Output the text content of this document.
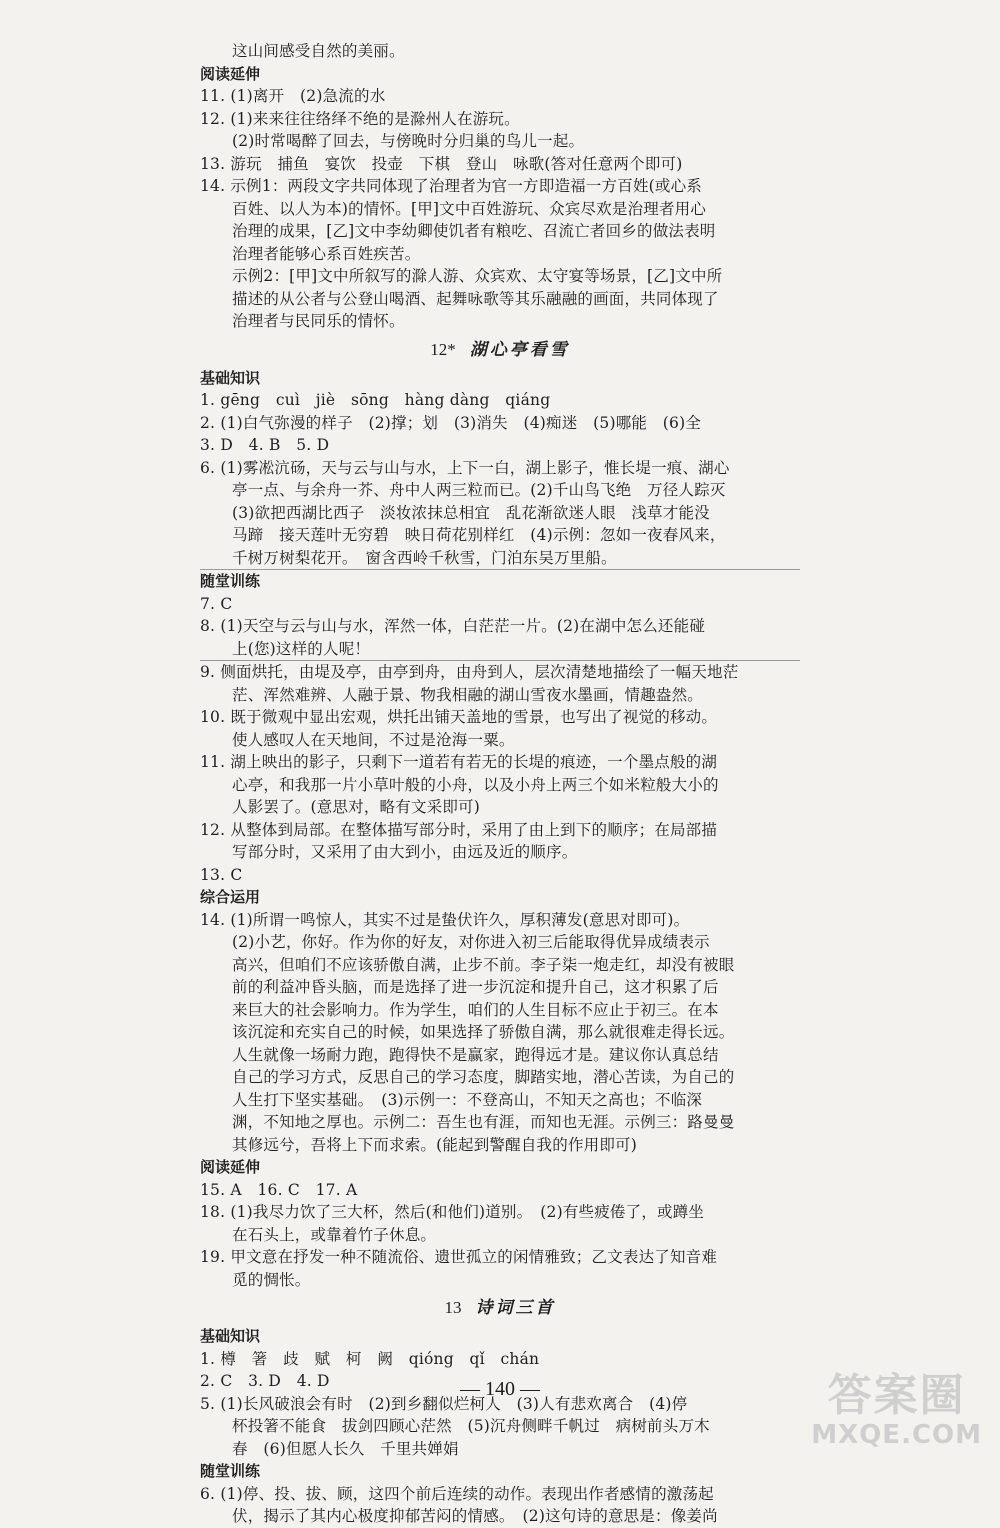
这山间感受自然的美丽。
阅读延伸
11. (1)离开　(2)急流的水
12. (1)来来往往络绎不绝的是滁州人在游玩。
(2)时常喝醉了回去，与傍晚时分归巢的鸟儿一起。
13. 游玩　捕鱼　宴饮　投壶　下棋　登山　咏歌(答对任意两个即可)
14. 示例1：两段文字共同体现了治理者为官一方即造福一方百姓(或心系
百姓、以人为本)的情怀。[甲]文中百姓游玩、众宾尽欢是治理者用心
治理的成果，[乙]文中李幼卿使饥者有粮吃、召流亡者回乡的做法表明
治理者能够心系百姓疾苦。
示例2：[甲]文中所叙写的滁人游、众宾欢、太守宴等场景，[乙]文中所
描述的从公者与公登山喝酒、起舞咏歌等其乐融融的画面，共同体现了
治理者与民同乐的情怀。
12* 湖心亭看雪
基础知识
1. gēng　cuì　jiè　sōng　hàng dàng　qiáng
2. (1)白气弥漫的样子　(2)撑；划　(3)消失　(4)痴迷　(5)哪能　(6)全
3. D　4. B　5. D
6. (1)雾凇沆砀，天与云与山与水，上下一白，湖上影子，惟长堤一痕、湖心
亭一点、与余舟一芥、舟中人两三粒而已。(2)千山鸟飞绝　万径人踪灭
(3)欲把西湖比西子　淡妆浓抹总相宜　乱花渐欲迷人眼　浅草才能没
马蹄　接天莲叶无穷碧　映日荷花别样红　(4)示例：忽如一夜春风来，
千树万树梨花开。　窗含西岭千秋雪，门泊东吴万里船。
随堂训练
7. C
8. (1)天空与云与山与水，浑然一体，白茫茫一片。(2)在湖中怎么还能碰
上(您)这样的人呢！
9. 侧面烘托，由堤及亭，由亭到舟，由舟到人，层次清楚地描绘了一幅天地茫
茫、浑然难辨、人融于景、物我相融的湖山雪夜水墨画，情趣盎然。
10. 既于微观中显出宏观，烘托出铺天盖地的雪景，也写出了视觉的移动。
使人感叹人在天地间，不过是沧海一粟。
11. 湖上映出的影子，只剩下一道若有若无的长堤的痕迹，一个墨点般的湖
心亭，和我那一片小草叶般的小舟，以及小舟上两三个如米粒般大小的
人影罢了。(意思对，略有文采即可)
12. 从整体到局部。在整体描写部分时，采用了由上到下的顺序；在局部描
写部分时，又采用了由大到小，由远及近的顺序。
13. C
综合运用
14. (1)所谓一鸣惊人，其实不过是蛰伏许久，厚积薄发(意思对即可)。
(2)小艺，你好。作为你的好友，对你进入初三后能取得优异成绩表示
高兴，但咱们不应该骄傲自满，止步不前。李子柒一炮走红，却没有被眼
前的利益冲昏头脑，而是选择了进一步沉淀和提升自己，这才积累了后
来巨大的社会影响力。作为学生，咱们的人生目标不应止于初三。在本
该沉淀和充实自己的时候，如果选择了骄傲自满，那么就很难走得长远。
人生就像一场耐力跑，跑得快不是赢家，跑得远才是。建议你认真总结
自己的学习方式，反思自己的学习态度，脚踏实地，潜心苦读，为自己的
人生打下坚实基础。　(3)示例一：不登高山，不知天之高也；不临深
渊，不知地之厚也。示例二：吾生也有涯，而知也无涯。示例三：路曼曼
其修远兮，吾将上下而求索。(能起到警醒自我的作用即可)
阅读延伸
15. A　16. C　17. A
18. (1)我尽力饮了三大杯，然后(和他们)道别。　(2)有些疲倦了，或蹲坐
在石头上，或靠着竹子休息。
19. 甲文意在抒发一种不随流俗、遗世孤立的闲情雅致；乙文表达了知音难
觅的惆怅。
13 诗词三首
基础知识
1. 樽　箸　歧　赋　柯　阙　qióng　qǐ　chán
2. C　3. D　4. D
5. (1)长风破浪会有时　(2)到乡翻似烂柯人　(3)人有悲欢离合　(4)停
杯投箸不能食　拔剑四顾心茫然　(5)沉舟侧畔千帆过　病树前头万木
春　(6)但愿人长久　千里共婵娟
随堂训练
6. (1)停、投、拔、顾，这四个前后连续的动作。表现出作者感情的激荡起
伏，揭示了其内心极度抑郁苦闷的情感。　(2)这句诗的意思是：像姜尚
— 140 —	答案圈
MXQE.COM
